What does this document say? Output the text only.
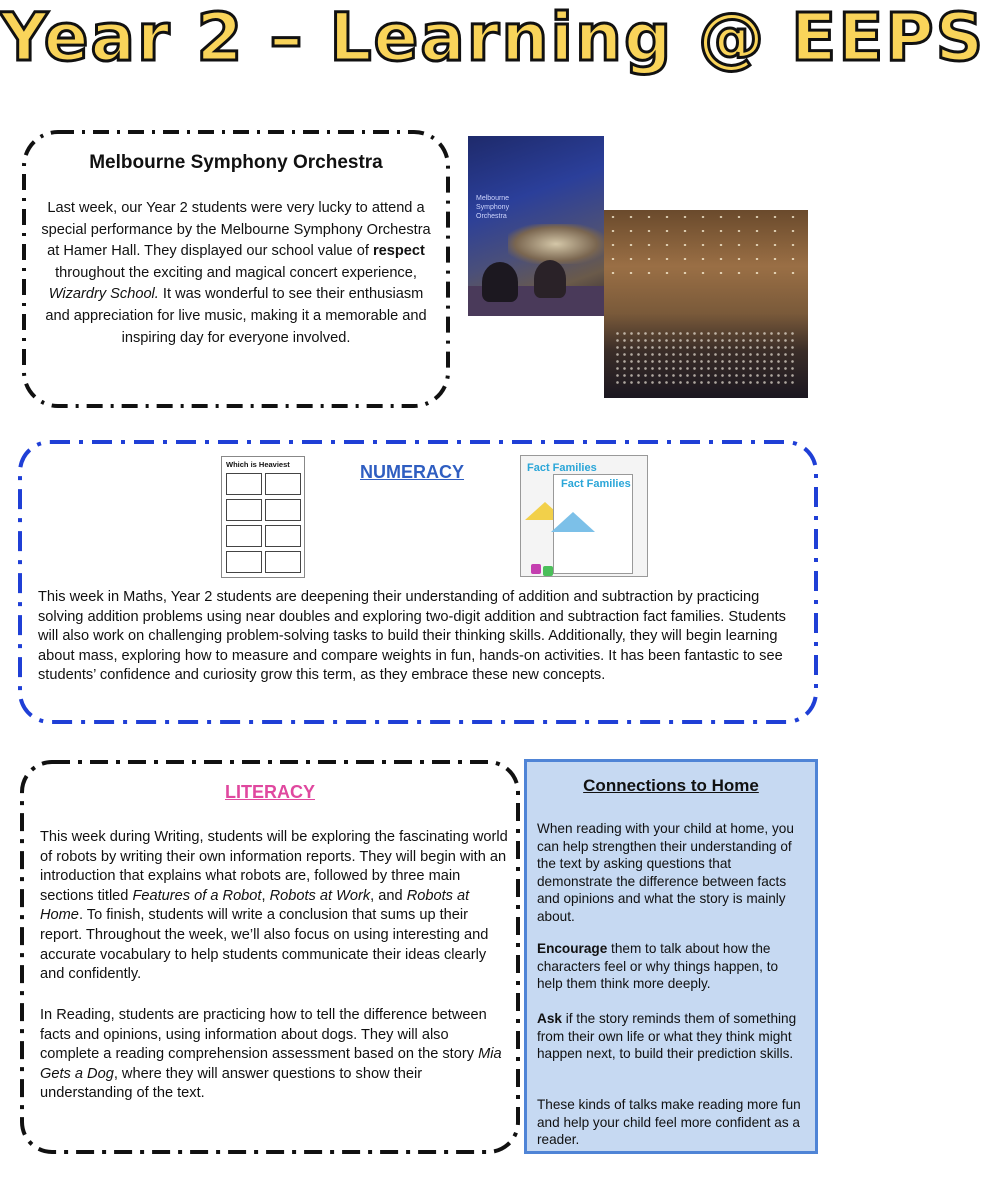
Year 2 – Learning @ EEPS
Melbourne Symphony Orchestra

Last week, our Year 2 students were very lucky to attend a special performance by the Melbourne Symphony Orchestra at Hamer Hall. They displayed our school value of respect throughout the exciting and magical concert experience, Wizardry School. It was wonderful to see their enthusiasm and appreciation for live music, making it a memorable and inspiring day for everyone involved.

Melbourne
Symphony
Orchestra
NUMERACY

This week in Maths, Year 2 students are deepening their understanding of addition and subtraction by practicing solving addition problems using near doubles and exploring two-digit addition and subtraction fact families. Students will also work on challenging problem-solving tasks to build their thinking skills. Additionally, they will begin learning about mass, exploring how to measure and compare weights in fun, hands-on activities. It has been fantastic to see students’ confidence and curiosity grow this term, as they embrace these new concepts.

Which is Heaviest	Fact Families
Fact Families
LITERACY

This week during Writing, students will be exploring the fascinating world of robots by writing their own information reports. They will begin with an introduction that explains what robots are, followed by three main sections titled Features of a Robot, Robots at Work, and Robots at Home. To finish, students will write a conclusion that sums up their report. Throughout the week, we’ll also focus on using interesting and accurate vocabulary to help students communicate their ideas clearly and confidently.

In Reading, students are practicing how to tell the difference between facts and opinions, using information about dogs. They will also complete a reading comprehension assessment based on the story Mia Gets a Dog, where they will answer questions to show their understanding of the text.

Connections to Home

When reading with your child at home, you can help strengthen their understanding of the text by asking questions that demonstrate the difference between facts and opinions and what the story is mainly about.

Encourage them to talk about how the characters feel or why things happen, to help them think more deeply.

Ask if the story reminds them of something from their own life or what they think might happen next, to build their prediction skills.

These kinds of talks make reading more fun and help your child feel more confident as a reader.
